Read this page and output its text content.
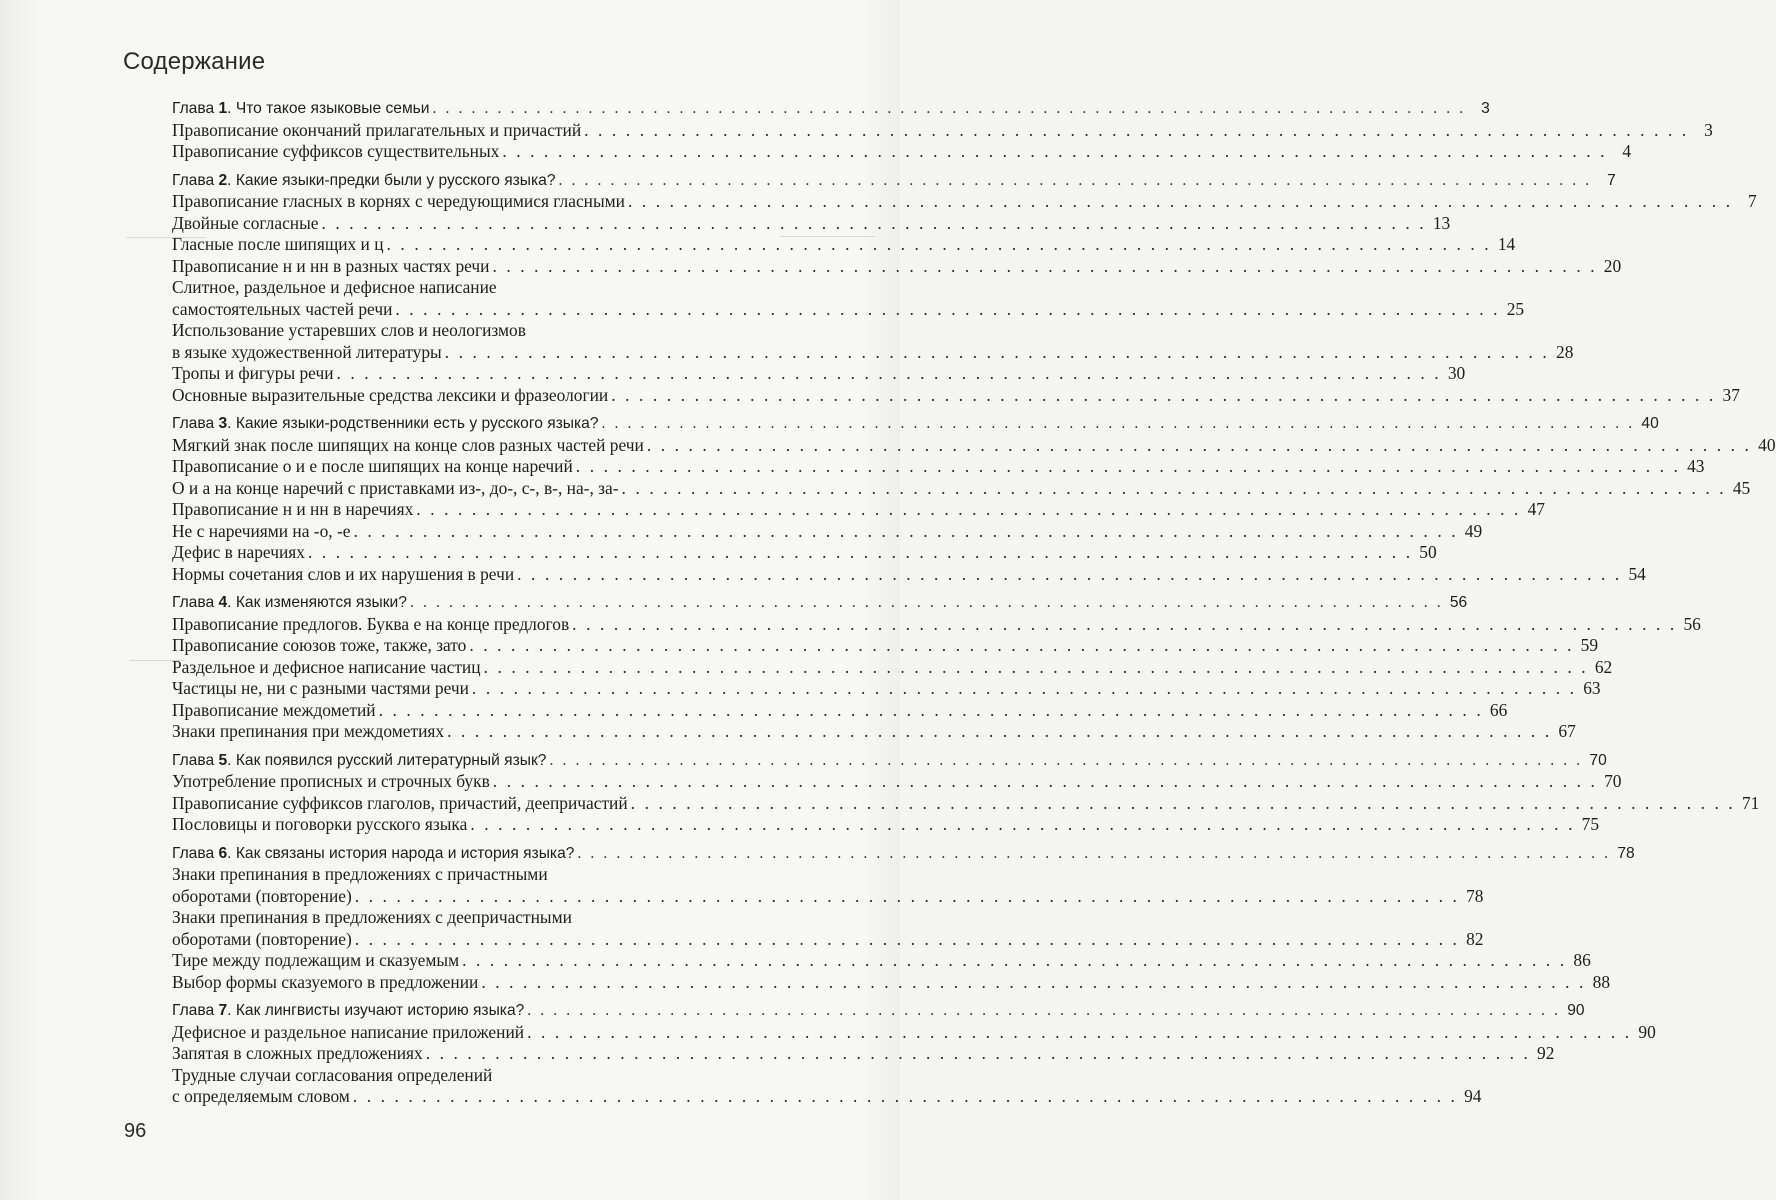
Содержание
Глава 1. Что такое языковые семьи . . . . . . . . . . . . . . . . . . . . . . . . . . . . . . . . . . . . . . . . . . . . . . . . . . . . . . . . . . . . . . . . . . . . . . . . . . . . . . . . 3
Правописание окончаний прилагательных и причастий . . . . . . . . . . . . . . . . . . . . . . . . . . . . . . . . . . . . . . . . . . . . . . . . . . . . . . . . . . . . . . . . . . . . . . . . . . . . . . . . 3
Правописание суффиксов существительных . . . . . . . . . . . . . . . . . . . . . . . . . . . . . . . . . . . . . . . . . . . . . . . . . . . . . . . . . . . . . . . . . . . . . . . . . . . . . . . . 4
Глава 2. Какие языки-предки были у русского языка? . . . . . . . . . . . . . . . . . . . . . . . . . . . . . . . . . . . . . . . . . . . . . . . . . . . . . . . . . . . . . . . . . . . . . . . . . . . . . . . . 7
Правописание гласных в корнях с чередующимися гласными . . . . . . . . . . . . . . . . . . . . . . . . . . . . . . . . . . . . . . . . . . . . . . . . . . . . . . . . . . . . . . . . . . . . . . . . . . . . . . . . 7
Двойные согласные . . . . . . . . . . . . . . . . . . . . . . . . . . . . . . . . . . . . . . . . . . . . . . . . . . . . . . . . . . . . . . . . . . . . . . . . . . . . . . . . 13
Гласные после шипящих и ц . . . . . . . . . . . . . . . . . . . . . . . . . . . . . . . . . . . . . . . . . . . . . . . . . . . . . . . . . . . . . . . . . . . . . . . . . . . . . . . . 14
Правописание н и нн в разных частях речи . . . . . . . . . . . . . . . . . . . . . . . . . . . . . . . . . . . . . . . . . . . . . . . . . . . . . . . . . . . . . . . . . . . . . . . . . . . . . . . . 20
Слитное, раздельное и дефисное написание
самостоятельных частей речи . . . . . . . . . . . . . . . . . . . . . . . . . . . . . . . . . . . . . . . . . . . . . . . . . . . . . . . . . . . . . . . . . . . . . . . . . . . . . . . . 25
Использование устаревших слов и неологизмов
в языке художественной литературы . . . . . . . . . . . . . . . . . . . . . . . . . . . . . . . . . . . . . . . . . . . . . . . . . . . . . . . . . . . . . . . . . . . . . . . . . . . . . . . . 28
Тропы и фигуры речи . . . . . . . . . . . . . . . . . . . . . . . . . . . . . . . . . . . . . . . . . . . . . . . . . . . . . . . . . . . . . . . . . . . . . . . . . . . . . . . . 30
Основные выразительные средства лексики и фразеологии . . . . . . . . . . . . . . . . . . . . . . . . . . . . . . . . . . . . . . . . . . . . . . . . . . . . . . . . . . . . . . . . . . . . . . . . . . . . . . . . 37
Глава 3. Какие языки-родственники есть у русского языка? . . . . . . . . . . . . . . . . . . . . . . . . . . . . . . . . . . . . . . . . . . . . . . . . . . . . . . . . . . . . . . . . . . . . . . . . . . . . . . . . 40
Мягкий знак после шипящих на конце слов разных частей речи . . . . . . . . . . . . . . . . . . . . . . . . . . . . . . . . . . . . . . . . . . . . . . . . . . . . . . . . . . . . . . . . . . . . . . . . . . . . . . . . 40
Правописание о и е после шипящих на конце наречий . . . . . . . . . . . . . . . . . . . . . . . . . . . . . . . . . . . . . . . . . . . . . . . . . . . . . . . . . . . . . . . . . . . . . . . . . . . . . . . . 43
О и а на конце наречий с приставками из-, до-, с-, в-, на-, за- . . . . . . . . . . . . . . . . . . . . . . . . . . . . . . . . . . . . . . . . . . . . . . . . . . . . . . . . . . . . . . . . . . . . . . . . . . . . . . . . 45
Правописание н и нн в наречиях . . . . . . . . . . . . . . . . . . . . . . . . . . . . . . . . . . . . . . . . . . . . . . . . . . . . . . . . . . . . . . . . . . . . . . . . . . . . . . . . 47
Не с наречиями на -о, -е . . . . . . . . . . . . . . . . . . . . . . . . . . . . . . . . . . . . . . . . . . . . . . . . . . . . . . . . . . . . . . . . . . . . . . . . . . . . . . . . 49
Дефис в наречиях . . . . . . . . . . . . . . . . . . . . . . . . . . . . . . . . . . . . . . . . . . . . . . . . . . . . . . . . . . . . . . . . . . . . . . . . . . . . . . . . 50
Нормы сочетания слов и их нарушения в речи . . . . . . . . . . . . . . . . . . . . . . . . . . . . . . . . . . . . . . . . . . . . . . . . . . . . . . . . . . . . . . . . . . . . . . . . . . . . . . . . 54
Глава 4. Как изменяются языки? . . . . . . . . . . . . . . . . . . . . . . . . . . . . . . . . . . . . . . . . . . . . . . . . . . . . . . . . . . . . . . . . . . . . . . . . . . . . . . . . 56
Правописание предлогов. Буква е на конце предлогов . . . . . . . . . . . . . . . . . . . . . . . . . . . . . . . . . . . . . . . . . . . . . . . . . . . . . . . . . . . . . . . . . . . . . . . . . . . . . . . . 56
Правописание союзов тоже, также, зато . . . . . . . . . . . . . . . . . . . . . . . . . . . . . . . . . . . . . . . . . . . . . . . . . . . . . . . . . . . . . . . . . . . . . . . . . . . . . . . . 59
Раздельное и дефисное написание частиц . . . . . . . . . . . . . . . . . . . . . . . . . . . . . . . . . . . . . . . . . . . . . . . . . . . . . . . . . . . . . . . . . . . . . . . . . . . . . . . . 62
Частицы не, ни с разными частями речи . . . . . . . . . . . . . . . . . . . . . . . . . . . . . . . . . . . . . . . . . . . . . . . . . . . . . . . . . . . . . . . . . . . . . . . . . . . . . . . . 63
Правописание междометий . . . . . . . . . . . . . . . . . . . . . . . . . . . . . . . . . . . . . . . . . . . . . . . . . . . . . . . . . . . . . . . . . . . . . . . . . . . . . . . . 66
Знаки препинания при междометиях . . . . . . . . . . . . . . . . . . . . . . . . . . . . . . . . . . . . . . . . . . . . . . . . . . . . . . . . . . . . . . . . . . . . . . . . . . . . . . . . 67
Глава 5. Как появился русский литературный язык? . . . . . . . . . . . . . . . . . . . . . . . . . . . . . . . . . . . . . . . . . . . . . . . . . . . . . . . . . . . . . . . . . . . . . . . . . . . . . . . . 70
Употребление прописных и строчных букв . . . . . . . . . . . . . . . . . . . . . . . . . . . . . . . . . . . . . . . . . . . . . . . . . . . . . . . . . . . . . . . . . . . . . . . . . . . . . . . . 70
Правописание суффиксов глаголов, причастий, деепричастий . . . . . . . . . . . . . . . . . . . . . . . . . . . . . . . . . . . . . . . . . . . . . . . . . . . . . . . . . . . . . . . . . . . . . . . . . . . . . . . . 71
Пословицы и поговорки русского языка . . . . . . . . . . . . . . . . . . . . . . . . . . . . . . . . . . . . . . . . . . . . . . . . . . . . . . . . . . . . . . . . . . . . . . . . . . . . . . . . 75
Глава 6. Как связаны история народа и история языка? . . . . . . . . . . . . . . . . . . . . . . . . . . . . . . . . . . . . . . . . . . . . . . . . . . . . . . . . . . . . . . . . . . . . . . . . . . . . . . . . 78
Знаки препинания в предложениях с причастными
оборотами (повторение) . . . . . . . . . . . . . . . . . . . . . . . . . . . . . . . . . . . . . . . . . . . . . . . . . . . . . . . . . . . . . . . . . . . . . . . . . . . . . . . . 78
Знаки препинания в предложениях с деепричастными
оборотами (повторение) . . . . . . . . . . . . . . . . . . . . . . . . . . . . . . . . . . . . . . . . . . . . . . . . . . . . . . . . . . . . . . . . . . . . . . . . . . . . . . . . 82
Тире между подлежащим и сказуемым . . . . . . . . . . . . . . . . . . . . . . . . . . . . . . . . . . . . . . . . . . . . . . . . . . . . . . . . . . . . . . . . . . . . . . . . . . . . . . . . 86
Выбор формы сказуемого в предложении . . . . . . . . . . . . . . . . . . . . . . . . . . . . . . . . . . . . . . . . . . . . . . . . . . . . . . . . . . . . . . . . . . . . . . . . . . . . . . . . 88
Глава 7. Как лингвисты изучают историю языка? . . . . . . . . . . . . . . . . . . . . . . . . . . . . . . . . . . . . . . . . . . . . . . . . . . . . . . . . . . . . . . . . . . . . . . . . . . . . . . . . 90
Дефисное и раздельное написание приложений . . . . . . . . . . . . . . . . . . . . . . . . . . . . . . . . . . . . . . . . . . . . . . . . . . . . . . . . . . . . . . . . . . . . . . . . . . . . . . . . 90
Запятая в сложных предложениях . . . . . . . . . . . . . . . . . . . . . . . . . . . . . . . . . . . . . . . . . . . . . . . . . . . . . . . . . . . . . . . . . . . . . . . . . . . . . . . . 92
Трудные случаи согласования определений
с определяемым словом . . . . . . . . . . . . . . . . . . . . . . . . . . . . . . . . . . . . . . . . . . . . . . . . . . . . . . . . . . . . . . . . . . . . . . . . . . . . . . . . 94
96
